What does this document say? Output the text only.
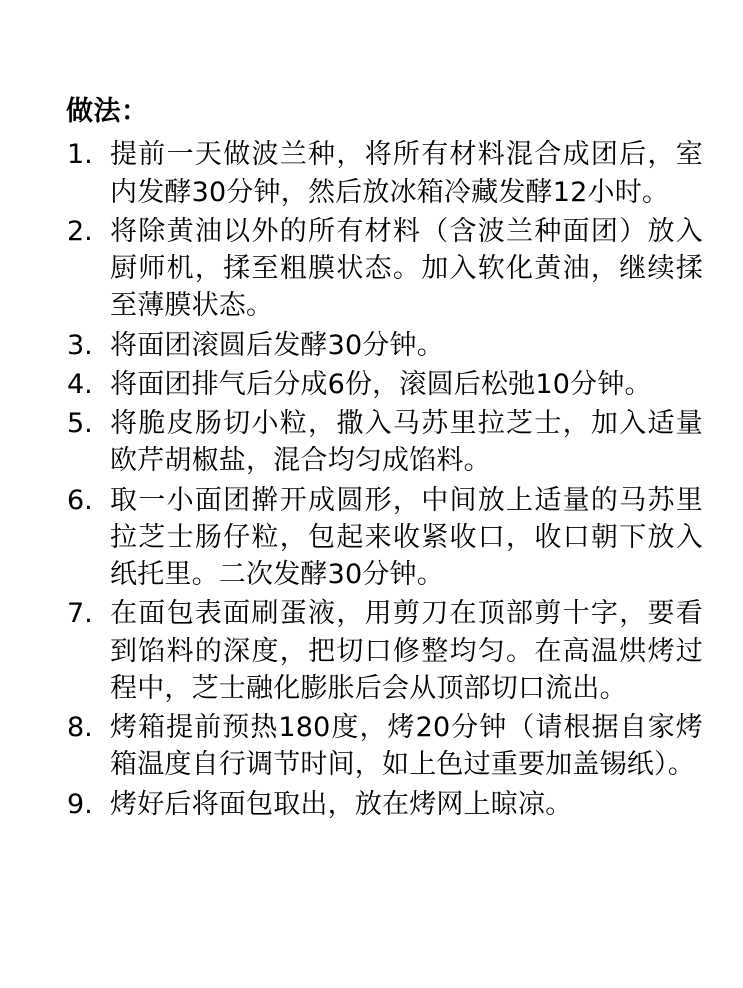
做法：
1. 提前一天做波兰种，将所有材料混合成团后，室内发酵30分钟，然后放冰箱冷藏发酵12小时。
2. 将除黄油以外的所有材料（含波兰种面团）放入厨师机，揉至粗膜状态。加入软化黄油，继续揉至薄膜状态。
3. 将面团滚圆后发酵30分钟。
4. 将面团排气后分成6份，滚圆后松弛10分钟。
5. 将脆皮肠切小粒，撒入马苏里拉芝士，加入适量欧芹胡椒盐，混合均匀成馅料。
6. 取一小面团擀开成圆形，中间放上适量的马苏里拉芝士肠仔粒，包起来收紧收口，收口朝下放入纸托里。二次发酵30分钟。
7. 在面包表面刷蛋液，用剪刀在顶部剪十字，要看到馅料的深度，把切口修整均匀。在高温烘烤过程中，芝士融化膨胀后会从顶部切口流出。
8. 烤箱提前预热180度，烤20分钟（请根据自家烤箱温度自行调节时间，如上色过重要加盖锡纸）。
9. 烤好后将面包取出，放在烤网上晾凉。
